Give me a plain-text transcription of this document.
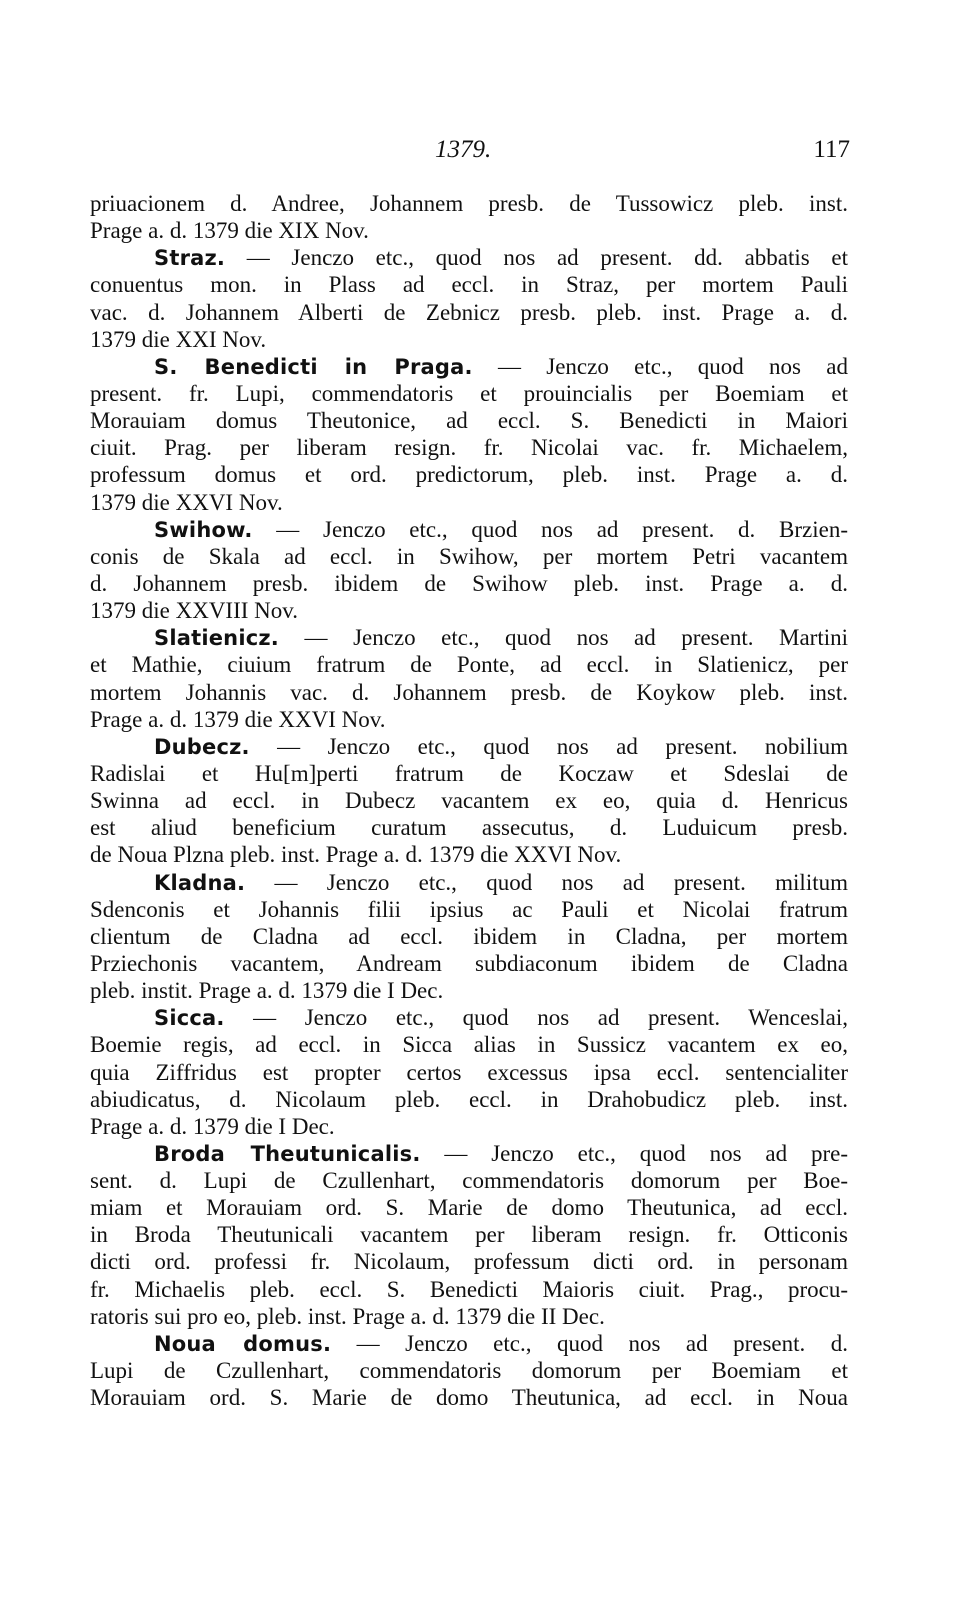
1379.	117
priuacionem d. Andree, Johannem presb. de Tussowicz pleb. inst.
Prage a. d. 1379 die XIX Nov.
Straz. — Jenczo etc., quod nos ad present. dd. abbatis et
conuentus mon. in Plass ad eccl. in Straz, per mortem Pauli
vac. d. Johannem Alberti de Zebnicz presb. pleb. inst. Prage a. d.
1379 die XXI Nov.
S. Benedicti in Praga. — Jenczo etc., quod nos ad
present. fr. Lupi, commendatoris et prouincialis per Boemiam et
Morauiam domus Theutonice, ad eccl. S. Benedicti in Maiori
ciuit. Prag. per liberam resign. fr. Nicolai vac. fr. Michaelem,
professum domus et ord. predictorum, pleb. inst. Prage a. d.
1379 die XXVI Nov.
Swihow. — Jenczo etc., quod nos ad present. d. Brzien-
conis de Skala ad eccl. in Swihow, per mortem Petri vacantem
d. Johannem presb. ibidem de Swihow pleb. inst. Prage a. d.
1379 die XXVIII Nov.
Slatienicz. — Jenczo etc., quod nos ad present. Martini
et Mathie, ciuium fratrum de Ponte, ad eccl. in Slatienicz, per
mortem Johannis vac. d. Johannem presb. de Koykow pleb. inst.
Prage a. d. 1379 die XXVI Nov.
Dubecz. — Jenczo etc., quod nos ad present. nobilium
Radislai et Hu[m]perti fratrum de Koczaw et Sdeslai de
Swinna ad eccl. in Dubecz vacantem ex eo, quia d. Henricus
est aliud beneficium curatum assecutus, d. Luduicum presb.
de Noua Plzna pleb. inst. Prage a. d. 1379 die XXVI Nov.
Kladna. — Jenczo etc., quod nos ad present. militum
Sdenconis et Johannis filii ipsius ac Pauli et Nicolai fratrum
clientum de Cladna ad eccl. ibidem in Cladna, per mortem
Prziechonis vacantem, Andream subdiaconum ibidem de Cladna
pleb. instit. Prage a. d. 1379 die I Dec.
Sicca. — Jenczo etc., quod nos ad present. Wenceslai,
Boemie regis, ad eccl. in Sicca alias in Sussicz vacantem ex eo,
quia Ziffridus est propter certos excessus ipsa eccl. sentencialiter
abiudicatus, d. Nicolaum pleb. eccl. in Drahobudicz pleb. inst.
Prage a. d. 1379 die I Dec.
Broda Theutunicalis. — Jenczo etc., quod nos ad pre-
sent. d. Lupi de Czullenhart, commendatoris domorum per Boe-
miam et Morauiam ord. S. Marie de domo Theutunica, ad eccl.
in Broda Theutunicali vacantem per liberam resign. fr. Otticonis
dicti ord. professi fr. Nicolaum, professum dicti ord. in personam
fr. Michaelis pleb. eccl. S. Benedicti Maioris ciuit. Prag., procu-
ratoris sui pro eo, pleb. inst. Prage a. d. 1379 die II Dec.
Noua domus. — Jenczo etc., quod nos ad present. d.
Lupi de Czullenhart, commendatoris domorum per Boemiam et
Morauiam ord. S. Marie de domo Theutunica, ad eccl. in Noua
